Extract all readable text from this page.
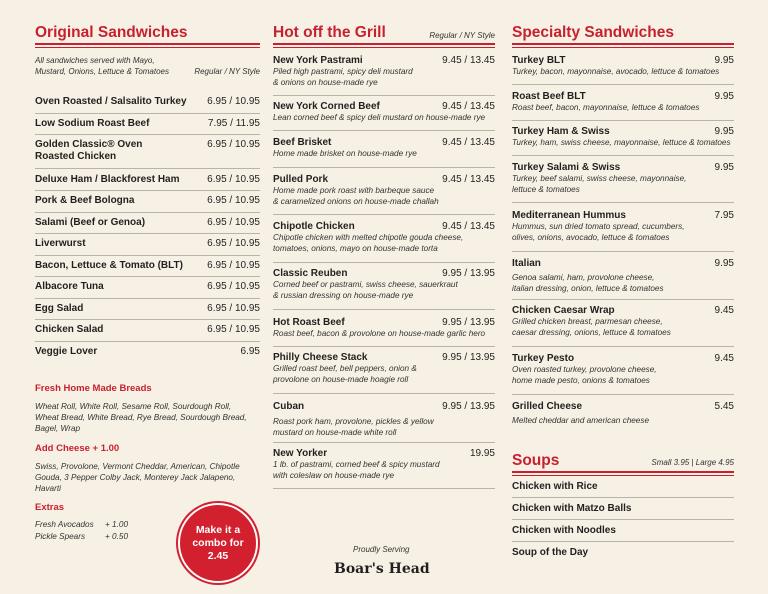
Original Sandwiches
All sandwiches served with Mayo,
Mustard, Onions, Lettuce & Tomatoes	Regular / NY Style
Oven Roasted / Salsalito Turkey	6.95 / 10.95
Low Sodium Roast Beef	7.95 / 11.95
Golden Classic® Oven
Roasted Chicken
6.95 / 10.95
Deluxe Ham / Blackforest Ham	6.95 / 10.95
Pork & Beef Bologna	6.95 / 10.95
Salami (Beef or Genoa)	6.95 / 10.95
Liverwurst	6.95 / 10.95
Bacon, Lettuce & Tomato (BLT)	6.95 / 10.95
Albacore Tuna	6.95 / 10.95
Egg Salad	6.95 / 10.95
Chicken Salad	6.95 / 10.95
Veggie Lover	6.95
Fresh Home Made Breads
Wheat Roll, White Roll, Sesame Roll, Sourdough Roll,
Wheat Bread, White Bread, Rye Bread, Sourdough Bread,
Bagel, Wrap
Add Cheese + 1.00
Swiss, Provolone, Vermont Cheddar, American, Chipotle
Gouda, 3 Pepper Colby Jack, Monterey Jack Jalapeno,
Havarti
Extras
Fresh Avocados + 1.00
Pickle Spears + 0.50
Make it a
combo for
2.45
Hot off the Grill	Regular / NY Style
New York Pastrami	9.45 / 13.45
Piled high pastrami, spicy deli mustard
& onions on house-made rye
New York Corned Beef	9.45 / 13.45
Lean corned beef & spicy deli mustard on house-made rye
Beef Brisket	9.45 / 13.45
Home made brisket on house-made rye
Pulled Pork	9.45 / 13.45
Home made pork roast with barbeque sauce
& caramelized onions on house-made challah
Chipotle Chicken	9.45 / 13.45
Chipotle chicken with melted chipotle gouda cheese,
tomatoes, onions, mayo on house-made torta
Classic Reuben	9.95 / 13.95
Corned beef or pastrami, swiss cheese, sauerkraut
& russian dressing on house-made rye
Hot Roast Beef	9.95 / 13.95
Roast beef, bacon & provolone on house-made garlic hero
Philly Cheese Stack	9.95 / 13.95
Grilled roast beef, bell peppers, onion &
provolone on house-made hoagie roll
Cuban	9.95 / 13.95
Roast pork ham, provolone, pickles & yellow
mustard on house-made white roll
New Yorker	19.95
1 lb. of pastrami, corned beef & spicy mustard
with coleslaw on house-made rye
Proudly Serving
Boar's Head
Specialty Sandwiches
Turkey BLT	9.95
Turkey, bacon, mayonnaise, avocado, lettuce & tomatoes
Roast Beef BLT	9.95
Roast beef, bacon, mayonnaise, lettuce & tomatoes
Turkey Ham & Swiss	9.95
Turkey, ham, swiss cheese, mayonnaise, lettuce & tomatoes
Turkey Salami & Swiss	9.95
Turkey, beef salami, swiss cheese, mayonnaise,
lettuce & tomatoes
Mediterranean Hummus	7.95
Hummus, sun dried tomato spread, cucumbers,
olives, onions, avocado, lettuce & tomatoes
Italian	9.95
Genoa salami, ham, provolone cheese,
italian dressing, onion, lettuce & tomatoes
Chicken Caesar Wrap	9.45
Grilled chicken breast, parmesan cheese,
caesar dressing, onions, lettuce & tomatoes
Turkey Pesto	9.45
Oven roasted turkey, provolone cheese,
home made pesto, onions & tomatoes
Grilled Cheese	5.45
Melted cheddar and american cheese
Soups	Small 3.95 | Large 4.95
Chicken with Rice
Chicken with Matzo Balls
Chicken with Noodles
Soup of the Day
